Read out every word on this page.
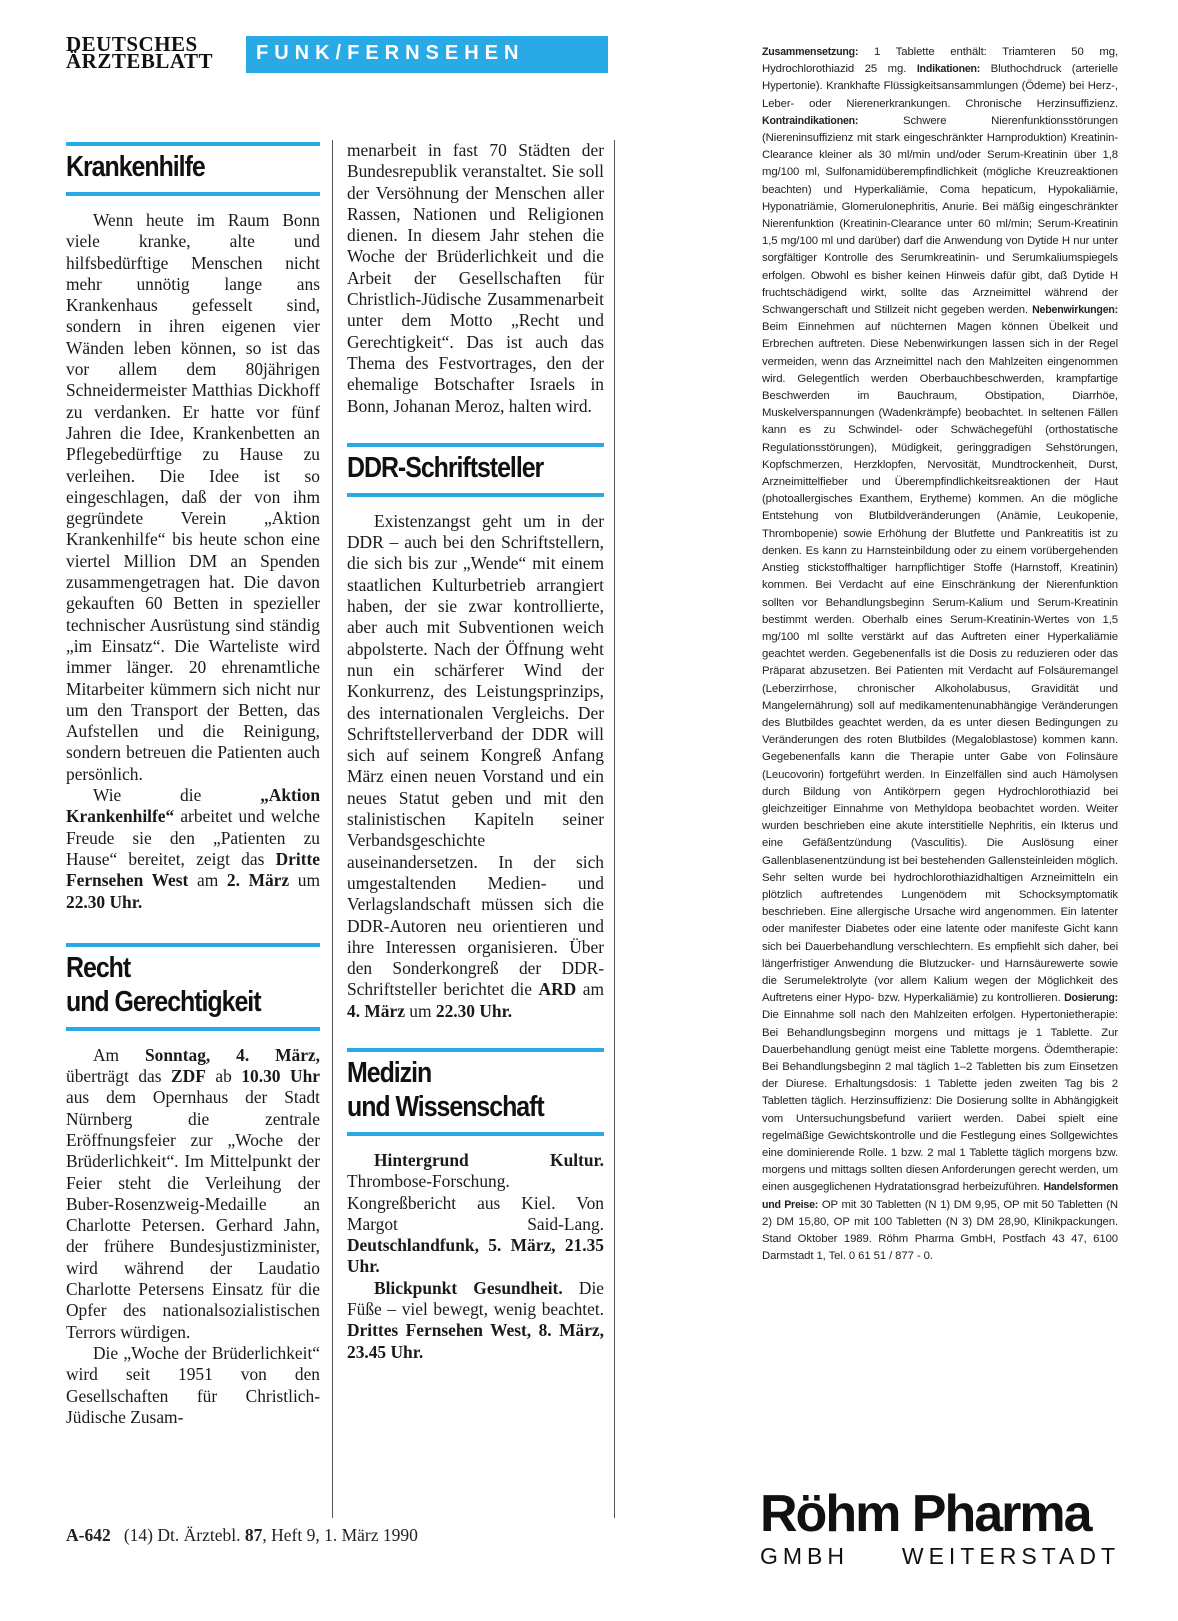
DEUTSCHES
ÄRZTEBLATT	FUNK/FERNSEHEN
Krankenhilfe

Wenn heute im Raum Bonn viele kranke, alte und hilfsbedürftige Menschen nicht mehr unnötig lange ans Krankenhaus gefesselt sind, sondern in ihren eigenen vier Wänden leben können, so ist das vor allem dem 80jährigen Schneidermeister Matthias Dickhoff zu verdanken. Er hatte vor fünf Jahren die Idee, Krankenbetten an Pflegebedürftige zu Hause zu verleihen. Die Idee ist so eingeschlagen, daß der von ihm gegründete Verein „Aktion Krankenhilfe“ bis heute schon eine viertel Million DM an Spenden zusammengetragen hat. Die davon gekauften 60 Betten in spezieller technischer Ausrüstung sind ständig „im Einsatz“. Die Warteliste wird immer länger. 20 ehrenamtliche Mitarbeiter kümmern sich nicht nur um den Transport der Betten, das Aufstellen und die Reinigung, sondern betreuen die Patienten auch persönlich.

Wie die „Aktion Krankenhilfe“ arbeitet und welche Freude sie den „Patienten zu Hause“ bereitet, zeigt das Dritte Fernsehen West am 2. März um 22.30 Uhr.

Recht
und Gerechtigkeit

Am Sonntag, 4. März, überträgt das ZDF ab 10.30 Uhr aus dem Opernhaus der Stadt Nürnberg die zentrale Eröffnungsfeier zur „Woche der Brüderlichkeit“. Im Mittelpunkt der Feier steht die Verleihung der Buber-Rosenzweig-Medaille an Charlotte Petersen. Gerhard Jahn, der frühere Bundesjustizminister, wird während der Laudatio Charlotte Petersens Einsatz für die Opfer des nationalsozialistischen Terrors würdigen.

Die „Woche der Brüderlichkeit“ wird seit 1951 von den Gesellschaften für Christlich-Jüdische Zusam-

menarbeit in fast 70 Städten der Bundesrepublik veranstaltet. Sie soll der Versöhnung der Menschen aller Rassen, Nationen und Religionen dienen. In diesem Jahr stehen die Woche der Brüderlichkeit und die Arbeit der Gesellschaften für Christlich-Jüdische Zusammenarbeit unter dem Motto „Recht und Gerechtigkeit“. Das ist auch das Thema des Festvortrages, den der ehemalige Botschafter Israels in Bonn, Johanan Meroz, halten wird.

DDR-Schriftsteller

Existenzangst geht um in der DDR – auch bei den Schriftstellern, die sich bis zur „Wende“ mit einem staatlichen Kulturbetrieb arrangiert haben, der sie zwar kontrollierte, aber auch mit Subventionen weich abpolsterte. Nach der Öffnung weht nun ein schärferer Wind der Konkurrenz, des Leistungsprinzips, des internationalen Vergleichs. Der Schriftstellerverband der DDR will sich auf seinem Kongreß Anfang März einen neuen Vorstand und ein neues Statut geben und mit den stalinistischen Kapiteln seiner Verbandsgeschichte auseinandersetzen. In der sich umgestaltenden Medien- und Verlagslandschaft müssen sich die DDR-Autoren neu orientieren und ihre Interessen organisieren. Über den Sonderkongreß der DDR-Schriftsteller berichtet die ARD am 4. März um 22.30 Uhr.

Medizin
und Wissenschaft

Hintergrund Kultur. Thrombose-Forschung. Kongreßbericht aus Kiel. Von Margot Said-Lang. Deutschlandfunk, 5. März, 21.35 Uhr.

Blickpunkt Gesundheit. Die Füße – viel bewegt, wenig beachtet. Drittes Fernsehen West, 8. März, 23.45 Uhr.

Zusammensetzung: 1 Tablette enthält: Triamteren 50 mg, Hydrochlorothiazid 25 mg. Indikationen: Bluthochdruck (arterielle Hypertonie). Krankhafte Flüssigkeitsansammlungen (Ödeme) bei Herz-, Leber- oder Nierenerkrankungen. Chronische Herzinsuffizienz. Kontraindikationen: Schwere Nierenfunktionsstörungen (Niereninsuffizienz mit stark eingeschränkter Harnproduktion) Kreatinin-Clearance kleiner als 30 ml/min und/oder Serum-Kreatinin über 1,8 mg/100 ml, Sulfonamidüberempfindlichkeit (mögliche Kreuzreaktionen beachten) und Hyperkaliämie, Coma hepaticum, Hypokaliämie, Hyponatriämie, Glomerulonephritis, Anurie. Bei mäßig eingeschränkter Nierenfunktion (Kreatinin-Clearance unter 60 ml/min; Serum-Kreatinin 1,5 mg/100 ml und darüber) darf die Anwendung von Dytide H nur unter sorgfältiger Kontrolle des Serumkreatinin- und Serumkaliumspiegels erfolgen. Obwohl es bisher keinen Hinweis dafür gibt, daß Dytide H fruchtschädigend wirkt, sollte das Arzneimittel während der Schwangerschaft und Stillzeit nicht gegeben werden. Nebenwirkungen: Beim Einnehmen auf nüchternen Magen können Übelkeit und Erbrechen auftreten. Diese Nebenwirkungen lassen sich in der Regel vermeiden, wenn das Arzneimittel nach den Mahlzeiten eingenommen wird. Gelegentlich werden Oberbauchbeschwerden, krampfartige Beschwerden im Bauchraum, Obstipation, Diarrhöe, Muskelverspannungen (Wadenkrämpfe) beobachtet. In seltenen Fällen kann es zu Schwindel- oder Schwächegefühl (orthostatische Regulationsstörungen), Müdigkeit, geringgradigen Sehstörungen, Kopfschmerzen, Herzklopfen, Nervosität, Mundtrockenheit, Durst, Arzneimittelfieber und Überempfindlichkeitsreaktionen der Haut (photoallergisches Exanthem, Erytheme) kommen. An die mögliche Entstehung von Blutbildveränderungen (Anämie, Leukopenie, Thrombopenie) sowie Erhöhung der Blutfette und Pankreatitis ist zu denken. Es kann zu Harnsteinbildung oder zu einem vorübergehenden Anstieg stickstoffhaltiger harnpflichtiger Stoffe (Harnstoff, Kreatinin) kommen. Bei Verdacht auf eine Einschränkung der Nierenfunktion sollten vor Behandlungsbeginn Serum-Kalium und Serum-Kreatinin bestimmt werden. Oberhalb eines Serum-Kreatinin-Wertes von 1,5 mg/100 ml sollte verstärkt auf das Auftreten einer Hyperkaliämie geachtet werden. Gegebenenfalls ist die Dosis zu reduzieren oder das Präparat abzusetzen. Bei Patienten mit Verdacht auf Folsäuremangel (Leberzirrhose, chronischer Alkoholabusus, Gravidität und Mangelernährung) soll auf medikamentenunabhängige Veränderungen des Blutbildes geachtet werden, da es unter diesen Bedingungen zu Veränderungen des roten Blutbildes (Megaloblastose) kommen kann. Gegebenenfalls kann die Therapie unter Gabe von Folinsäure (Leucovorin) fortgeführt werden. In Einzelfällen sind auch Hämolysen durch Bildung von Antikörpern gegen Hydrochlorothiazid bei gleichzeitiger Einnahme von Methyldopa beobachtet worden. Weiter wurden beschrieben eine akute interstitielle Nephritis, ein Ikterus und eine Gefäßentzündung (Vasculitis). Die Auslösung einer Gallenblasenentzündung ist bei bestehenden Gallensteinleiden möglich. Sehr selten wurde bei hydrochlorothiazidhaltigen Arzneimitteln ein plötzlich auftretendes Lungenödem mit Schocksymptomatik beschrieben. Eine allergische Ursache wird angenommen. Ein latenter oder manifester Diabetes oder eine latente oder manifeste Gicht kann sich bei Dauerbehandlung verschlechtern. Es empfiehlt sich daher, bei längerfristiger Anwendung die Blutzucker- und Harnsäurewerte sowie die Serumelektrolyte (vor allem Kalium wegen der Möglichkeit des Auftretens einer Hypo- bzw. Hyperkaliämie) zu kontrollieren. Dosierung: Die Einnahme soll nach den Mahlzeiten erfolgen. Hypertonietherapie: Bei Behandlungsbeginn morgens und mittags je 1 Tablette. Zur Dauerbehandlung genügt meist eine Tablette morgens. Ödemtherapie: Bei Behandlungsbeginn 2 mal täglich 1–2 Tabletten bis zum Einsetzen der Diurese. Erhaltungsdosis: 1 Tablette jeden zweiten Tag bis 2 Tabletten täglich. Herzinsuffizienz: Die Dosierung sollte in Abhängigkeit vom Untersuchungsbefund variiert werden. Dabei spielt eine regelmäßige Gewichtskontrolle und die Festlegung eines Sollgewichtes eine dominierende Rolle. 1 bzw. 2 mal 1 Tablette täglich morgens bzw. morgens und mittags sollten diesen Anforderungen gerecht werden, um einen ausgeglichenen Hydratationsgrad herbeizuführen. Handelsformen und Preise: OP mit 30 Tabletten (N 1) DM 9,95, OP mit 50 Tabletten (N 2) DM 15,80, OP mit 100 Tabletten (N 3) DM 28,90, Klinikpackungen. Stand Oktober 1989. Röhm Pharma GmbH, Postfach 43 47, 6100 Darmstadt 1, Tel. 0 61 51 / 877 - 0.
Röhm Pharma
GMBH WEITERSTADT
A-642 (14) Dt. Ärztebl. 87, Heft 9, 1. März 1990
